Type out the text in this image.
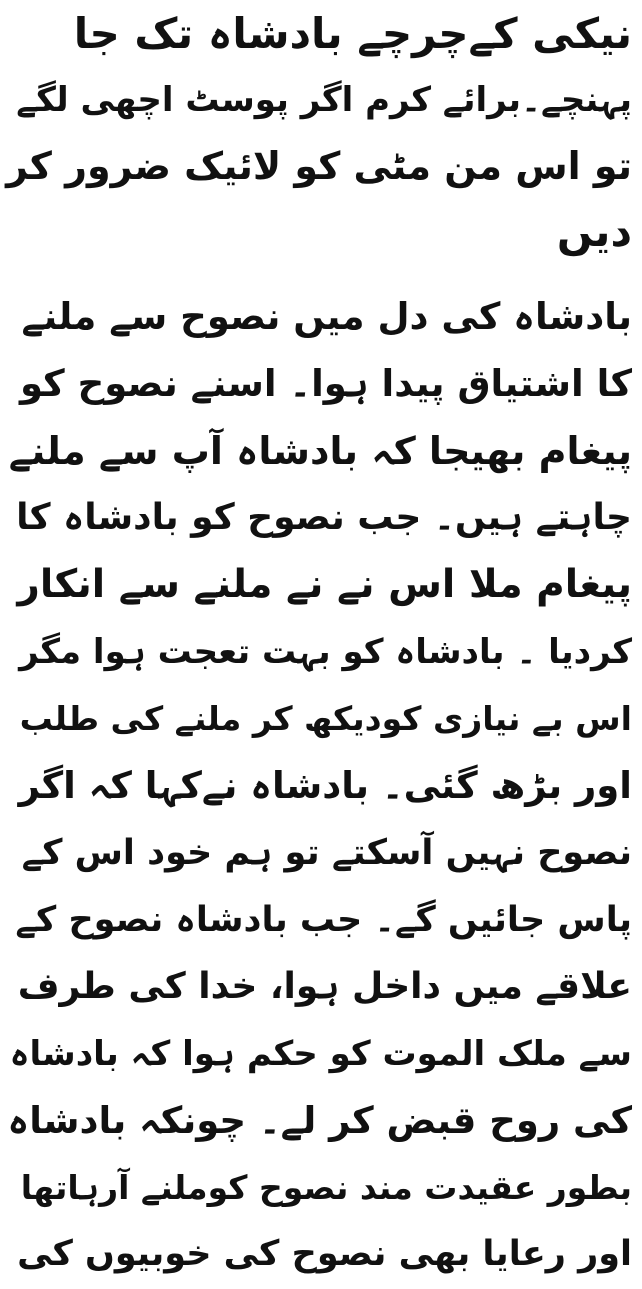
نیکی کےچرچے بادشاہ تک جا
پہنچے۔برائے کرم اگر پوسٹ اچھی لگے
تو اس من مٹی کو لائیک ضرور کر
دیں
بادشاہ کی دل میں نصوح سے ملنے
کا اشتیاق پیدا ہوا۔ اسنے نصوح کو
پیغام بھیجا کہ بادشاہ آپ سے ملنے
چاہتے ہیں۔ جب نصوح کو بادشاہ کا
پیغام ملا اس نے نے ملنے سے انکار
کردیا ۔ بادشاہ کو بہت تعجت ہوا مگر
اس بے نیازی کودیکھ کر ملنے کی طلب
اور بڑھ گئی۔ بادشاہ نےکہا کہ اگر
نصوح نہیں آسکتے تو ہم خود اس کے
پاس جائیں گے۔ جب بادشاہ نصوح کے
علاقے میں داخل ہوا، خدا کی طرف
سے ملک الموت کو حکم ہوا کہ بادشاہ
کی روح قبض کر لے۔ چونکہ بادشاہ
بطور عقیدت مند نصوح کوملنے آرہاتھا
اور رعایا بھی نصوح کی خوبیوں کی
